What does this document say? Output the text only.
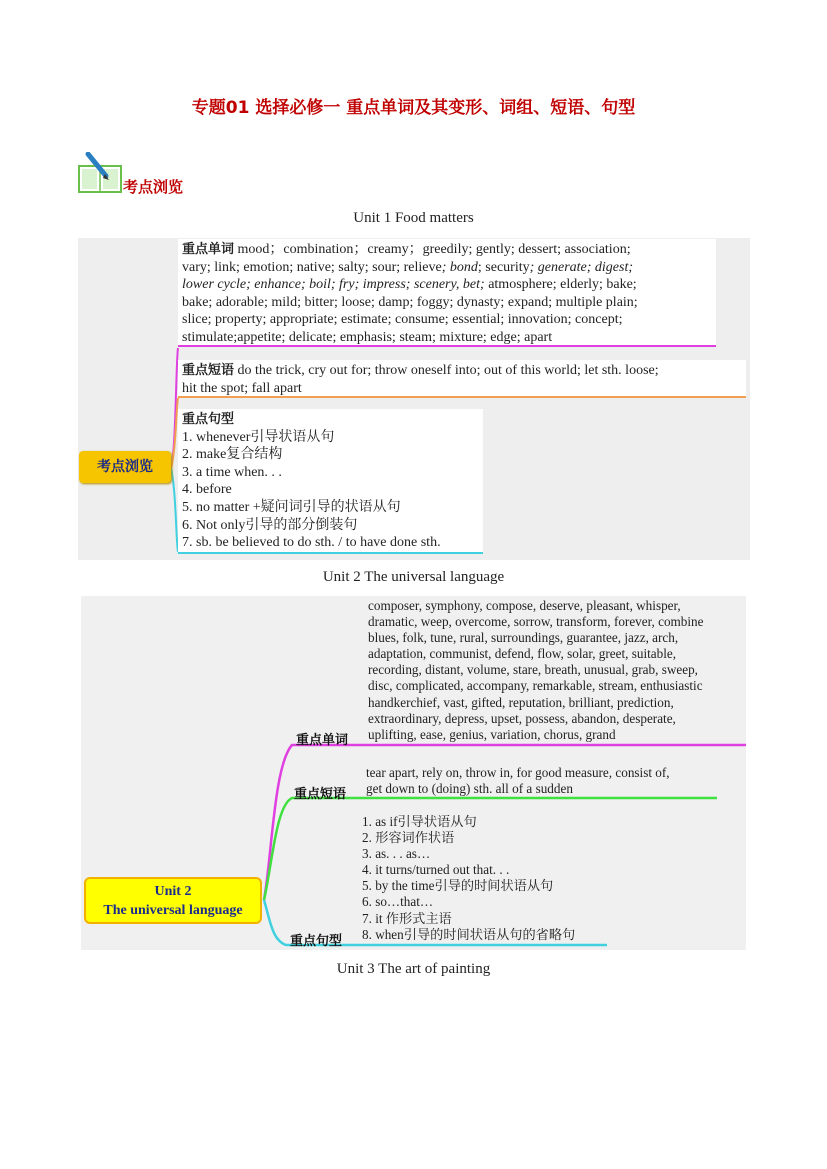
专题01 选择必修一 重点单词及其变形、词组、短语、句型
考点浏览
Unit 1 Food matters
考点浏览
重点单词 mood；combination；creamy；greedily; gently; dessert; association;
vary; link; emotion; native; salty; sour; relieve; bond; security; generate; digest;
lower cycle; enhance; boil; fry; impress; scenery, bet; atmosphere; elderly; bake;
bake; adorable; mild; bitter; loose; damp; foggy; dynasty; expand; multiple plain;
slice; property; appropriate; estimate; consume; essential; innovation; concept;
stimulate;appetite; delicate; emphasis; steam; mixture; edge; apart
重点短语 do the trick, cry out for; throw oneself into; out of this world; let sth. loose;
hit the spot; fall apart
重点句型
1. whenever引导状语从句
2. make复合结构
3. a time when. . .
4. before
5. no matter +疑问词引导的状语从句
6. Not only引导的部分倒装句
7. sb. be believed to do sth. / to have done sth.
Unit 2 The universal language
Unit 2
The universal language
重点单词
重点短语
重点句型
composer, symphony, compose, deserve, pleasant, whisper,
dramatic, weep, overcome, sorrow, transform, forever, combine
blues, folk, tune, rural, surroundings, guarantee, jazz, arch,
adaptation, communist, defend, flow, solar, greet, suitable,
recording, distant, volume, stare, breath, unusual, grab, sweep,
disc, complicated, accompany, remarkable, stream, enthusiastic
handkerchief, vast, gifted, reputation, brilliant, prediction,
extraordinary, depress, upset, possess, abandon, desperate,
uplifting, ease, genius, variation, chorus, grand
tear apart, rely on, throw in, for good measure, consist of,
get down to (doing) sth. all of a sudden
1. as if引导状语从句
2. 形容词作状语
3. as. . . as…
4. it turns/turned out that. . .
5. by the time引导的时间状语从句
6. so…that…
7. it 作形式主语
8. when引导的时间状语从句的省略句
Unit 3 The art of painting
